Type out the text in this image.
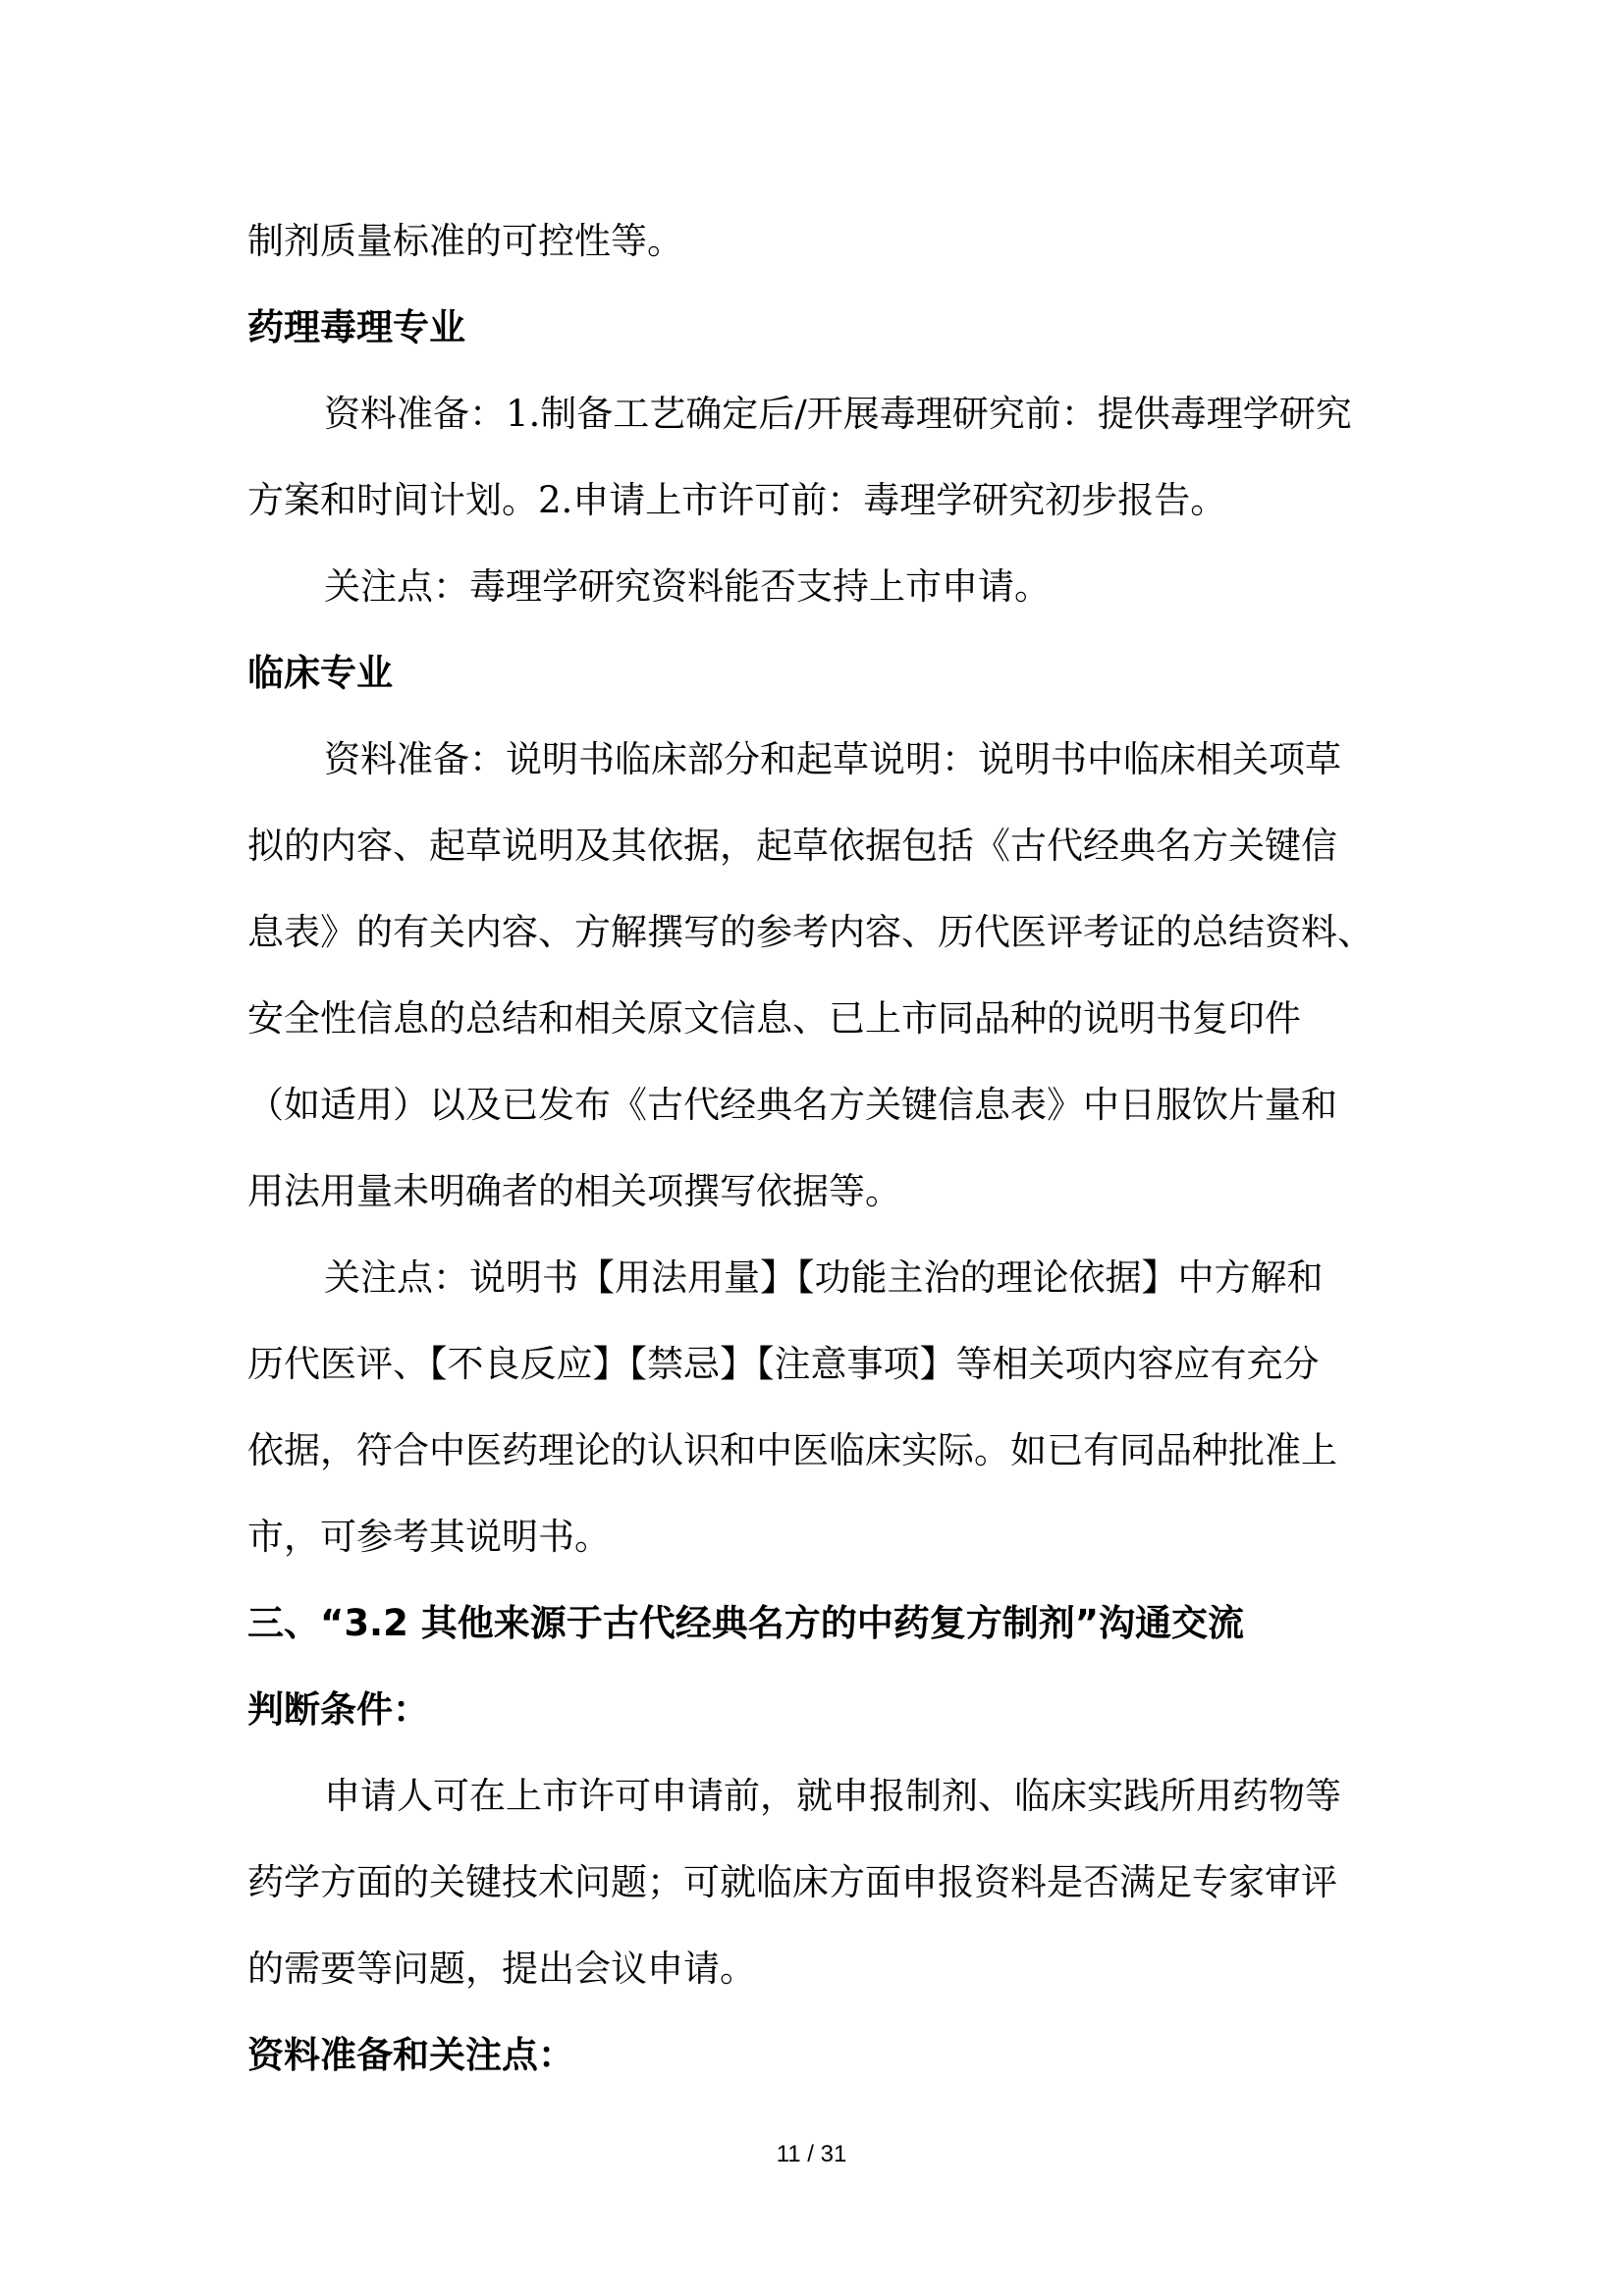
制剂质量标准的可控性等。

药理毒理专业

资料准备：1.制备工艺确定后/开展毒理研究前：提供毒理学研究

方案和时间计划。2.申请上市许可前：毒理学研究初步报告。

关注点：毒理学研究资料能否支持上市申请。

临床专业

资料准备：说明书临床部分和起草说明：说明书中临床相关项草

拟的内容、起草说明及其依据，起草依据包括《古代经典名方关键信

息表》的有关内容、方解撰写的参考内容、历代医评考证的总结资料、

安全性信息的总结和相关原文信息、已上市同品种的说明书复印件

（如适用）以及已发布《古代经典名方关键信息表》中日服饮片量和

用法用量未明确者的相关项撰写依据等。

关注点：说明书【用法用量】【功能主治的理论依据】中方解和

历代医评、【不良反应】【禁忌】【注意事项】等相关项内容应有充分

依据，符合中医药理论的认识和中医临床实际。如已有同品种批准上

市，可参考其说明书。

三、“3.2 其他来源于古代经典名方的中药复方制剂”沟通交流

判断条件：

申请人可在上市许可申请前，就申报制剂、临床实践所用药物等

药学方面的关键技术问题；可就临床方面申报资料是否满足专家审评

的需要等问题，提出会议申请。

资料准备和关注点：

11 / 31
